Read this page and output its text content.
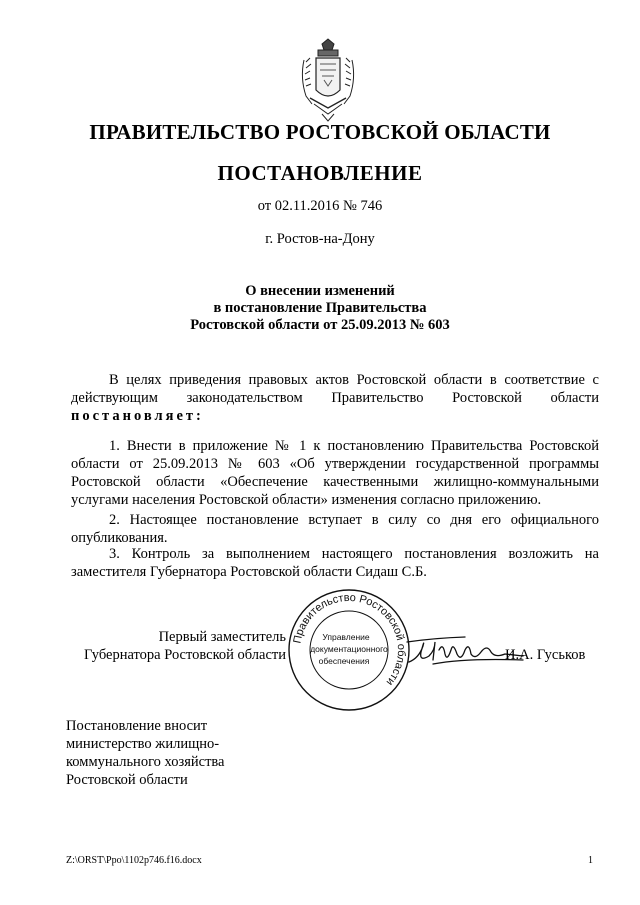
ПРАВИТЕЛЬСТВО РОСТОВСКОЙ ОБЛАСТИ
ПОСТАНОВЛЕНИЕ
от 02.11.2016 № 746
г. Ростов-на-Дону
О внесении изменений
в постановление Правительства
Ростовской области от 25.09.2013 № 603

В целях приведения правовых актов Ростовской области в соответствие с действующим законодательством Правительство Ростовской области постановляет:

1. Внести в приложение № 1 к постановлению Правительства Ростовской области от 25.09.2013 № 603 «Об утверждении государственной программы Ростовской области «Обеспечение качественными жилищно-коммунальными услугами населения Ростовской области» изменения согласно приложению.

2. Настоящее постановление вступает в силу со дня его официального опубликования.

3. Контроль за выполнением настоящего постановления возложить на заместителя Губернатора Ростовской области Сидаш С.Б.

Первый заместитель
Губернатора Ростовской области
Правительство Ростовской области
Управление
документационного
обеспечения	И.А. Гуськов
Постановление вносит
министерство жилищно-
коммунального хозяйства
Ростовской области
Z:\ORST\Ppo\1102p746.f16.docx	1
